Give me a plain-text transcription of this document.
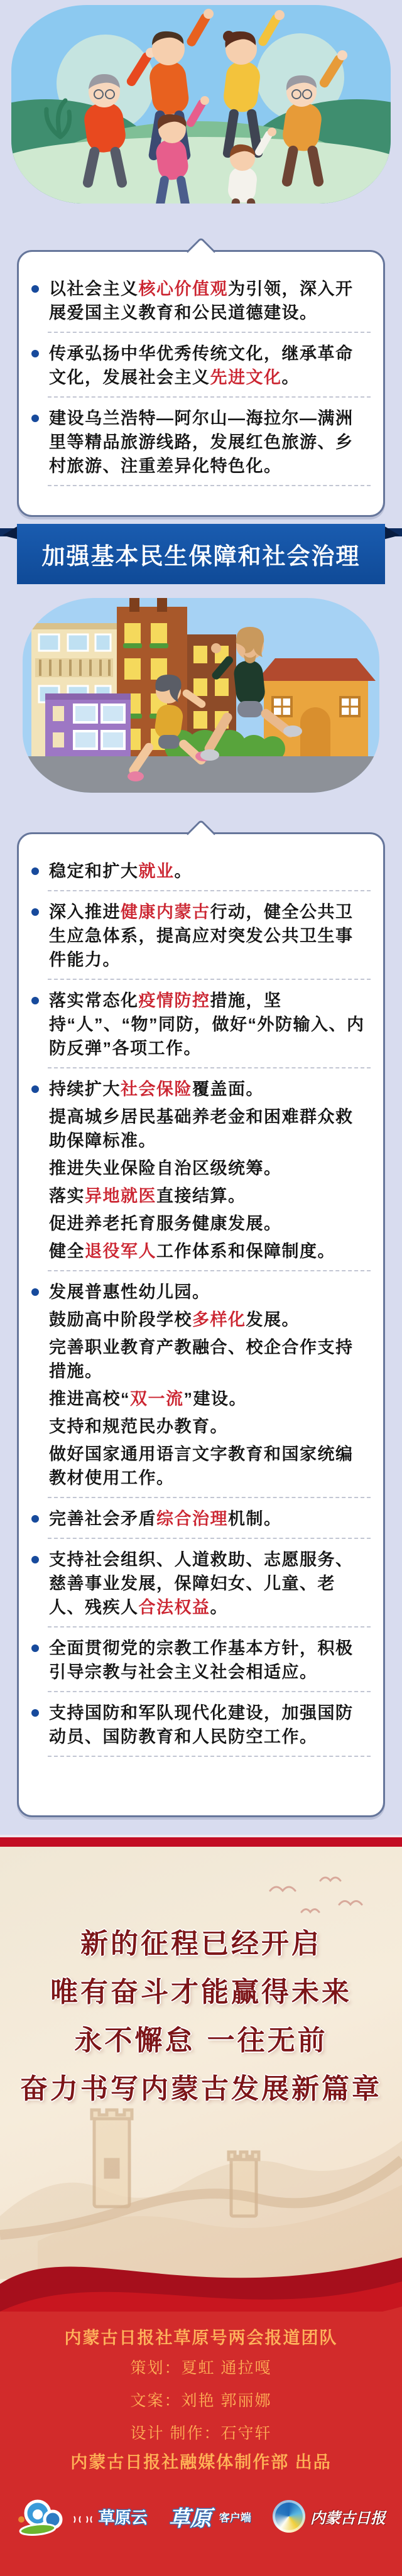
以社会主义核心价值观为引领，深入开展爱国主义教育和公民道德建设。

传承弘扬中华优秀传统文化，继承革命文化，发展社会主义先进文化。

建设乌兰浩特—阿尔山—海拉尔—满洲里等精品旅游线路，发展红色旅游、乡村旅游、注重差异化特色化。

加强基本民生保障和社会治理

稳定和扩大就业。

深入推进健康内蒙古行动，健全公共卫生应急体系，提高应对突发公共卫生事件能力。

落实常态化疫情防控措施，坚持“人”、“物”同防，做好“外防输入、内防反弹”各项工作。

持续扩大社会保险覆盖面。

提高城乡居民基础养老金和困难群众救助保障标准。

推进失业保险自治区级统筹。

落实异地就医直接结算。

促进养老托育服务健康发展。

健全退役军人工作体系和保障制度。

发展普惠性幼儿园。

鼓励高中阶段学校多样化发展。

完善职业教育产教融合、校企合作支持措施。

推进高校“双一流”建设。

支持和规范民办教育。

做好国家通用语言文字教育和国家统编教材使用工作。

完善社会矛盾综合治理机制。

支持社会组织、人道救助、志愿服务、慈善事业发展，保障妇女、儿童、老人、残疾人合法权益。

全面贯彻党的宗教工作基本方针，积极引导宗教与社会主义社会相适应。

支持国防和军队现代化建设，加强国防动员、国防教育和人民防空工作。

新的征程已经开启
唯有奋斗才能赢得未来
永不懈怠 一往无前
奋力书写内蒙古发展新篇章
内蒙古日报社草原号两会报道团队
策划：夏虹 通拉嘎
文案：刘艳 郭丽娜
设计 制作：石守轩
内蒙古日报社融媒体制作部 出品
草原云 草原 客户端	内蒙古日报
